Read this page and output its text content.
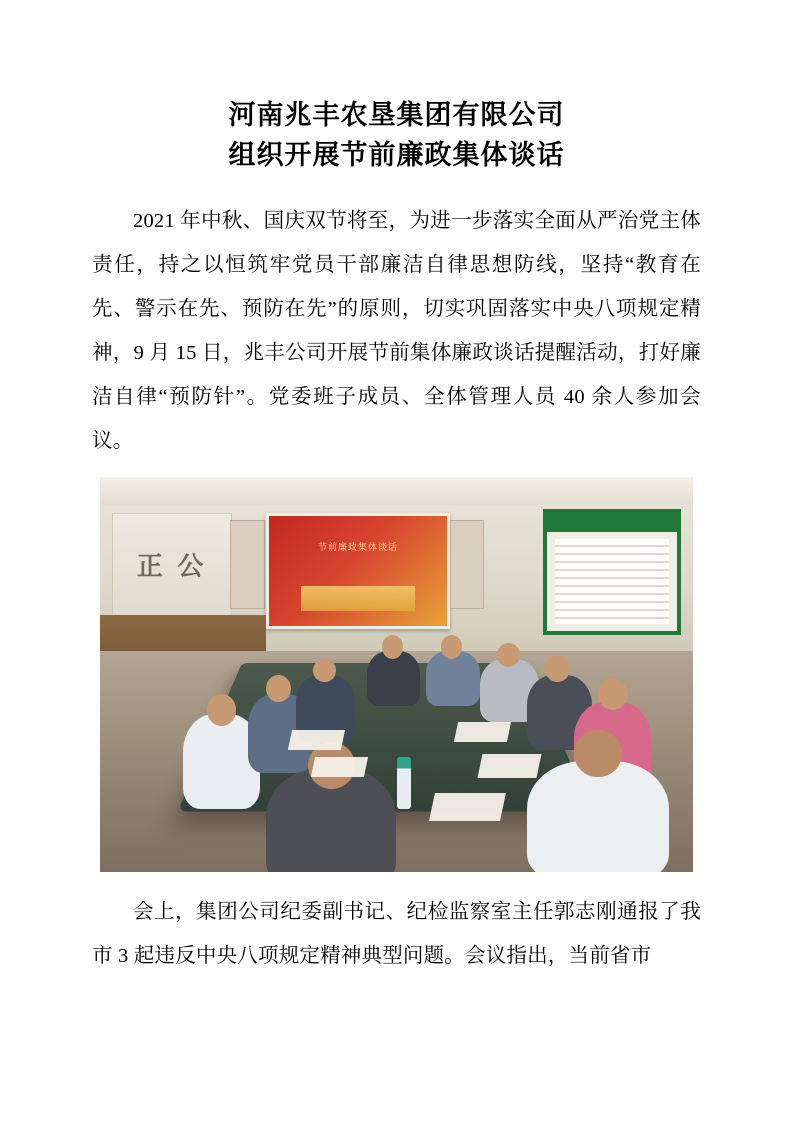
河南兆丰农垦集团有限公司
组织开展节前廉政集体谈话

2021 年中秋、国庆双节将至，为进一步落实全面从严治党主体责任，持之以恒筑牢党员干部廉洁自律思想防线，坚持“教育在先、警示在先、预防在先”的原则，切实巩固落实中央八项规定精神，9 月 15 日，兆丰公司开展节前集体廉政谈话提醒活动，打好廉洁自律“预防针”。党委班子成员、全体管理人员 40 余人参加会议。

正 公
节前廉政集体谈话

会上，集团公司纪委副书记、纪检监察室主任郭志刚通报了我市 3 起违反中央八项规定精神典型问题。会议指出，当前省市
